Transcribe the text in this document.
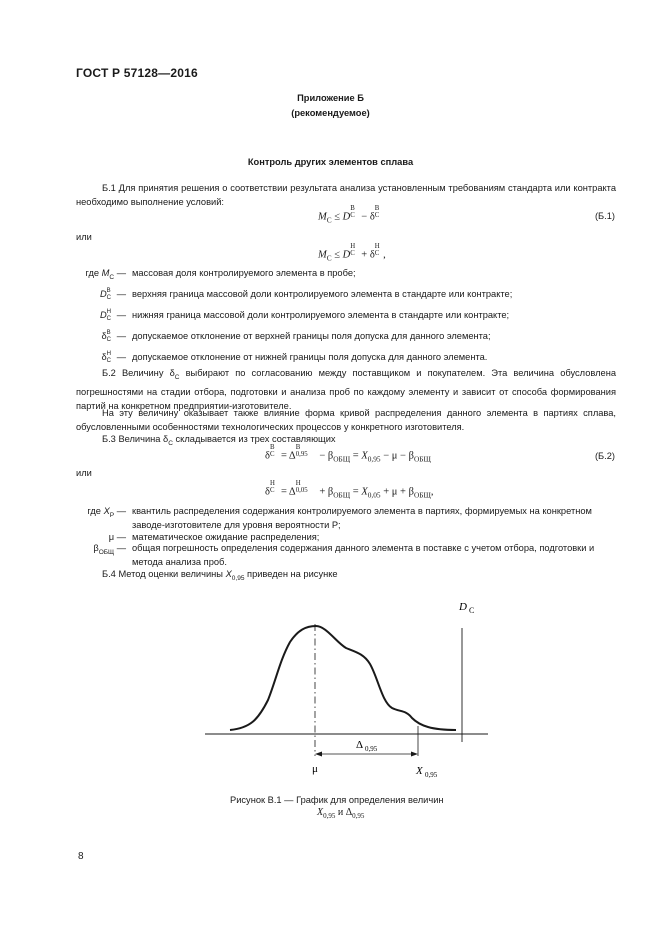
ГОСТ Р 57128—2016
Приложение Б
(рекомендуемое)
Контроль других элементов сплава
Б.1 Для принятия решения о соответствии результата анализа установленным требованиям стандарта или контракта необходимо выполнение условий:
$M_C \le D$
В
C − δ
В
C	(Б.1)
или
$M_C \le D$
Н
C + δ
Н
C ,
где $M_C$ — массовая доля контролируемого элемента в пробе;
D В
C — верхняя граница массовой доли контролируемого элемента в стандарте или контракте;
D Н
C — нижняя граница массовой доли контролируемого элемента в стандарте или контракте;
δ В
C — допускаемое отклонение от верхней границы поля допуска для данного элемента;
δ Н
C — допускаемое отклонение от нижней границы поля допуска для данного элемента.
Б.2 Величину $\delta_C$ выбирают по согласованию между поставщиком и покупателем. Эта величина обусловлена погрешностями на стадии отбора, подготовки и анализа проб по каждому элементу и зависит от способа формирования партий на конкретном предприятии-изготовителе.
На эту величину оказывает также влияние форма кривой распределения данного элемента в партиях сплава, обусловленными особенностями технологических процессов у конкретного изготовителя.
Б.3 Величина $\delta_C$ складывается из трех составляющих
δ
В
C = Δ
В
$0,95 - \beta_{ОБЩ} = X_{0,95} - \mu - \beta_{ОБЩ}$	(Б.2)
или
δ
Н
C = Δ
Н
$0,05 + \beta_{ОБЩ} = X_{0,05} + \mu + \beta_{ОБЩ}$,
где $X_P$ — квантиль распределения содержания контролируемого элемента в партиях, формируемых на конкретном заводе-изготовителе для уровня вероятности P;
μ — математическое ожидание распределения;
$\beta_{ОБЩ}$ — общая погрешность определения содержания данного элемента в поставке с учетом отбора, подготовки и метода анализа проб.
Б.4 Метод оценки величины $X_{0,95}$ приведен на рисунке
D C
Δ 0,95
μ	X 0,95
Рисунок В.1 — График для определения величин
$X_{0,95}$ и $\Delta_{0,95}$
8
